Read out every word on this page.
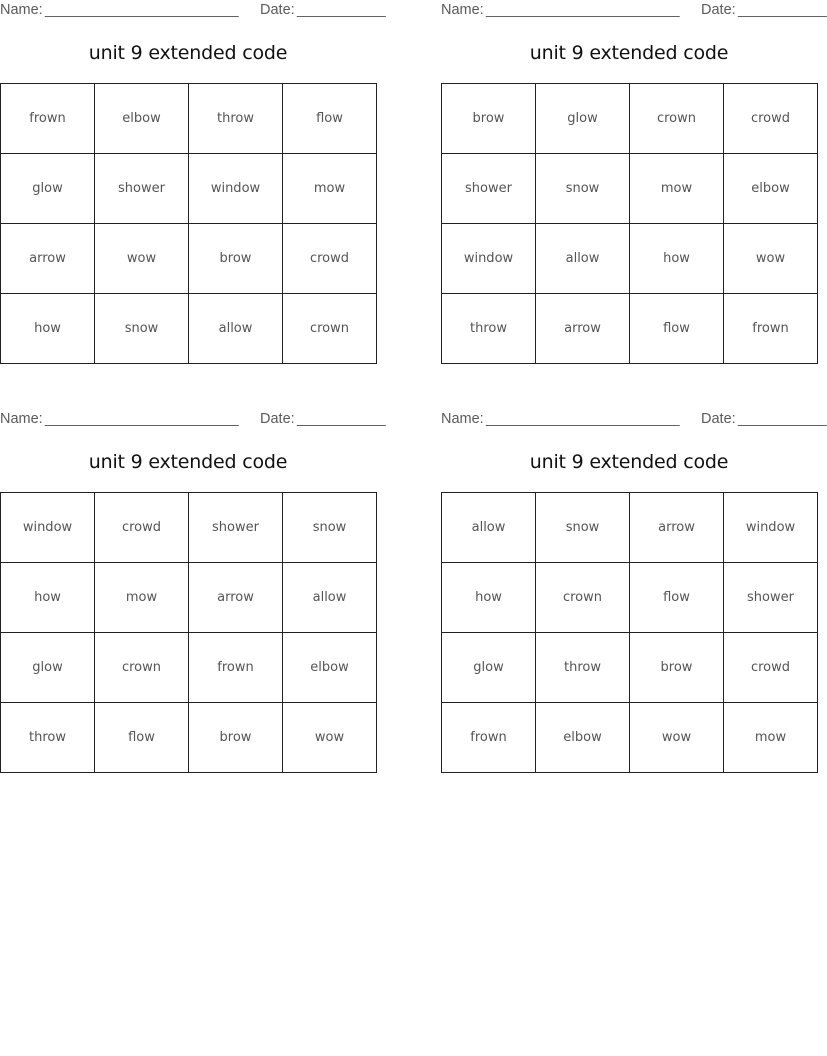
Name: ________________________ Date: ___________
unit 9 extended code
frown	elbow	throw	flow
glow	shower	window	mow
arrow	wow	brow	crowd
how	snow	allow	crown
Name: ________________________ Date: ___________
unit 9 extended code
brow	glow	crown	crowd
shower	snow	mow	elbow
window	allow	how	wow
throw	arrow	flow	frown
Name: ________________________ Date: ___________
unit 9 extended code
window	crowd	shower	snow
how	mow	arrow	allow
glow	crown	frown	elbow
throw	flow	brow	wow
Name: ________________________ Date: ___________
unit 9 extended code
allow	snow	arrow	window
how	crown	flow	shower
glow	throw	brow	crowd
frown	elbow	wow	mow
